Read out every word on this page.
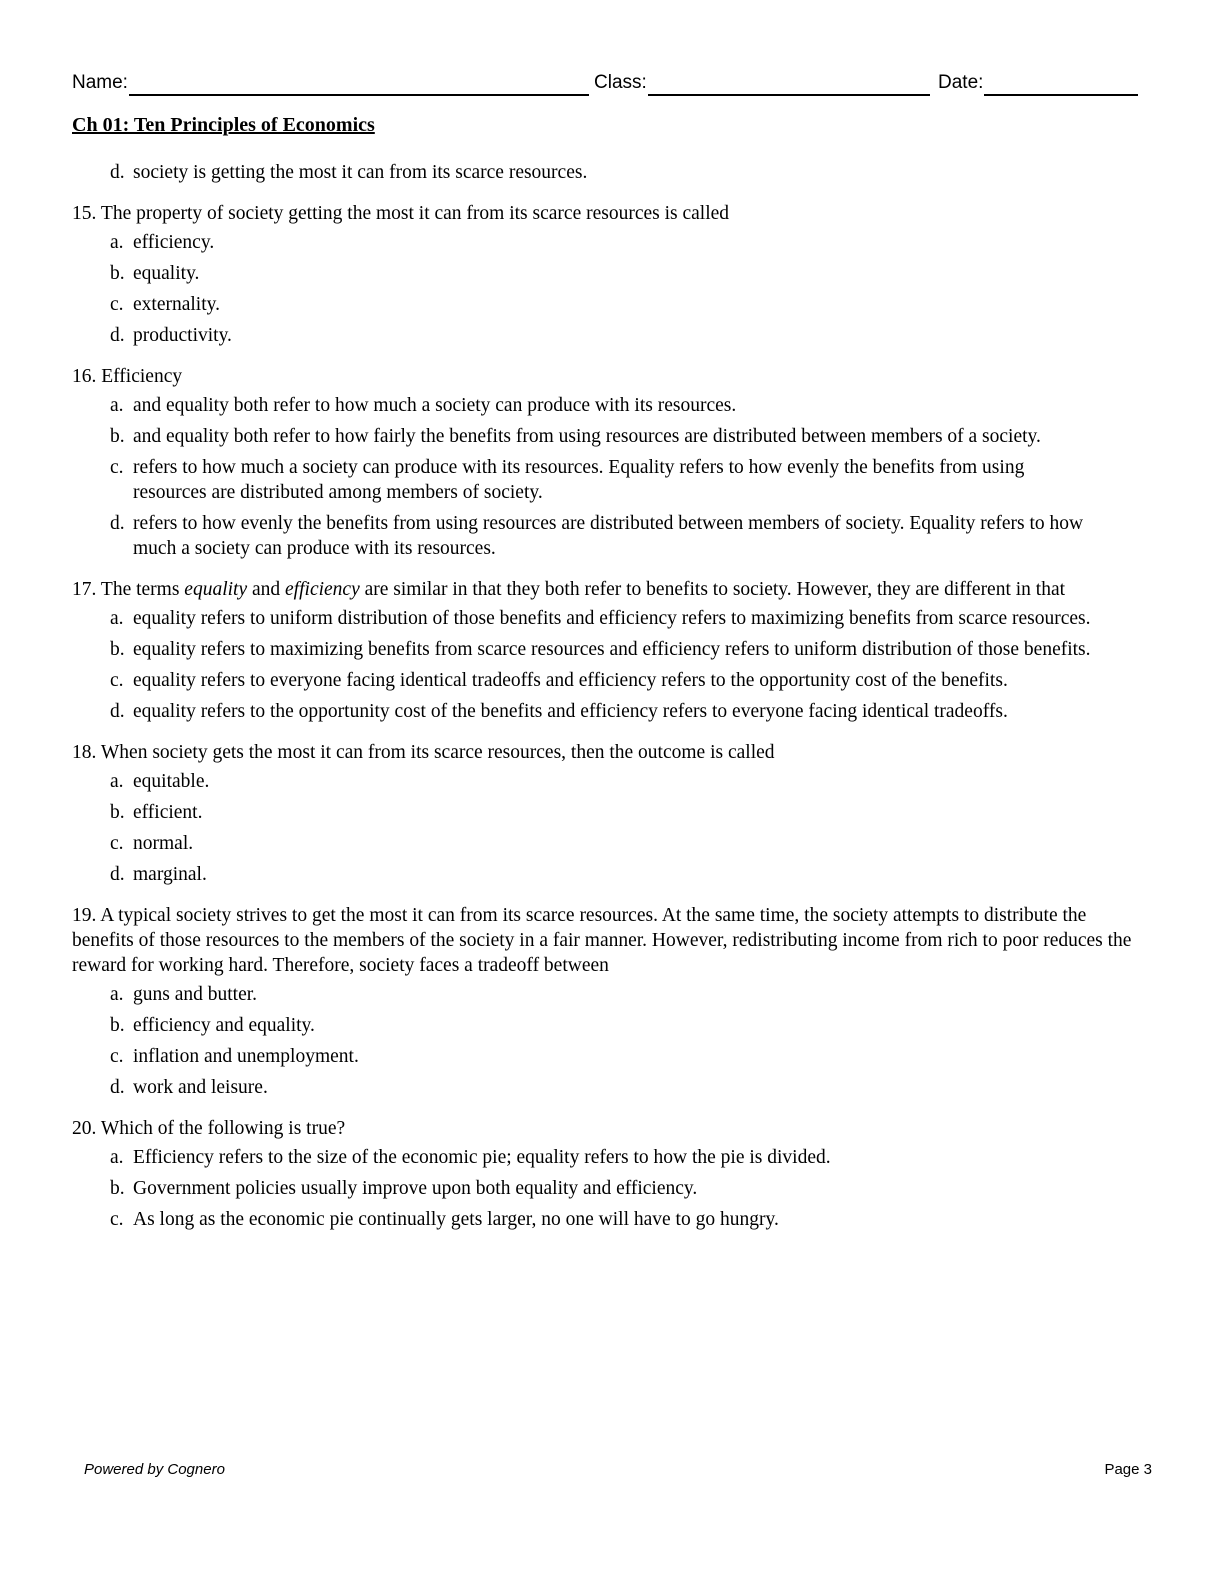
Name:	Class:	Date:
Ch 01: Ten Principles of Economics
d. society is getting the most it can from its scarce resources.

15. The property of society getting the most it can from its scarce resources is called

a. efficiency.
b. equality.
c. externality.
d. productivity.

16. Efficiency

a. and equality both refer to how much a society can produce with its resources.
b. and equality both refer to how fairly the benefits from using resources are distributed between members of a society.
c. refers to how much a society can produce with its resources. Equality refers to how evenly the benefits from using resources are distributed among members of society.
d. refers to how evenly the benefits from using resources are distributed between members of society. Equality refers to how much a society can produce with its resources.

17. The terms equality and efficiency are similar in that they both refer to benefits to society. However, they are different in that

a. equality refers to uniform distribution of those benefits and efficiency refers to maximizing benefits from scarce resources.
b. equality refers to maximizing benefits from scarce resources and efficiency refers to uniform distribution of those benefits.
c. equality refers to everyone facing identical tradeoffs and efficiency refers to the opportunity cost of the benefits.
d. equality refers to the opportunity cost of the benefits and efficiency refers to everyone facing identical tradeoffs.

18. When society gets the most it can from its scarce resources, then the outcome is called

a. equitable.
b. efficient.
c. normal.
d. marginal.

19. A typical society strives to get the most it can from its scarce resources. At the same time, the society attempts to distribute the benefits of those resources to the members of the society in a fair manner. However, redistributing income from rich to poor reduces the reward for working hard. Therefore, society faces a tradeoff between

a. guns and butter.
b. efficiency and equality.
c. inflation and unemployment.
d. work and leisure.

20. Which of the following is true?

a. Efficiency refers to the size of the economic pie; equality refers to how the pie is divided.
b. Government policies usually improve upon both equality and efficiency.
c. As long as the economic pie continually gets larger, no one will have to go hungry.
Powered by Cognero	Page 3
